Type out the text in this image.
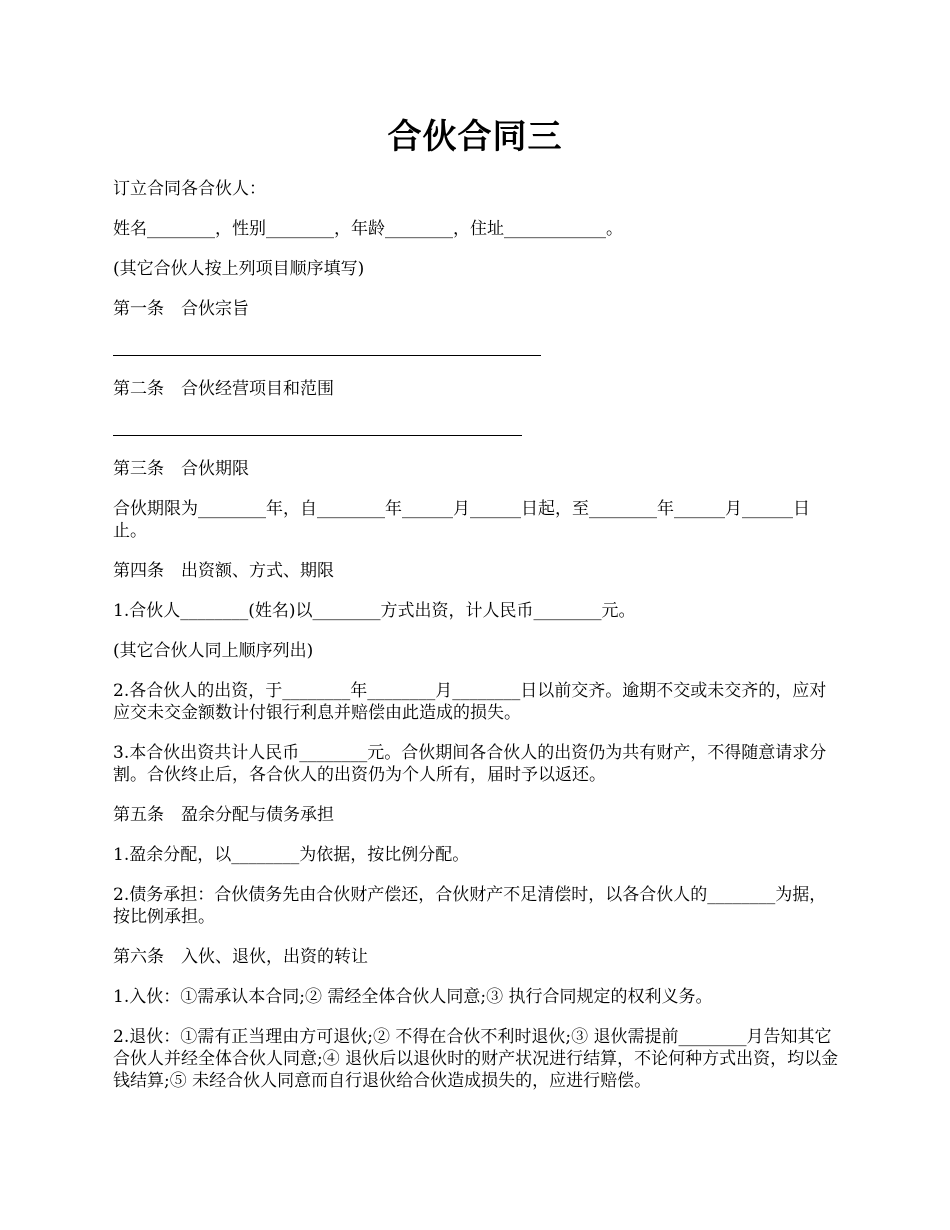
合伙合同三
订立合同各合伙人：
姓名________，性别________，年龄________，住址____________。
(其它合伙人按上列项目顺序填写)
第一条　合伙宗旨
第二条　合伙经营项目和范围
第三条　合伙期限
合伙期限为________年，自________年______月______日起，至________年______月______日止。
第四条　出资额、方式、期限
1.合伙人________(姓名)以________方式出资，计人民币________元。
(其它合伙人同上顺序列出)
2.各合伙人的出资，于________年________月________日以前交齐。逾期不交或未交齐的，应对应交未交金额数计付银行利息并赔偿由此造成的损失。
3.本合伙出资共计人民币________元。合伙期间各合伙人的出资仍为共有财产，不得随意请求分割。合伙终止后，各合伙人的出资仍为个人所有，届时予以返还。
第五条　盈余分配与债务承担
1.盈余分配，以________为依据，按比例分配。
2.债务承担：合伙债务先由合伙财产偿还，合伙财产不足清偿时，以各合伙人的________为据，按比例承担。
第六条　入伙、退伙，出资的转让
1.入伙：①需承认本合同;② 需经全体合伙人同意;③ 执行合同规定的权利义务。
2.退伙：①需有正当理由方可退伙;② 不得在合伙不利时退伙;③ 退伙需提前________月告知其它合伙人并经全体合伙人同意;④ 退伙后以退伙时的财产状况进行结算，不论何种方式出资，均以金钱结算;⑤ 未经合伙人同意而自行退伙给合伙造成损失的，应进行赔偿。
